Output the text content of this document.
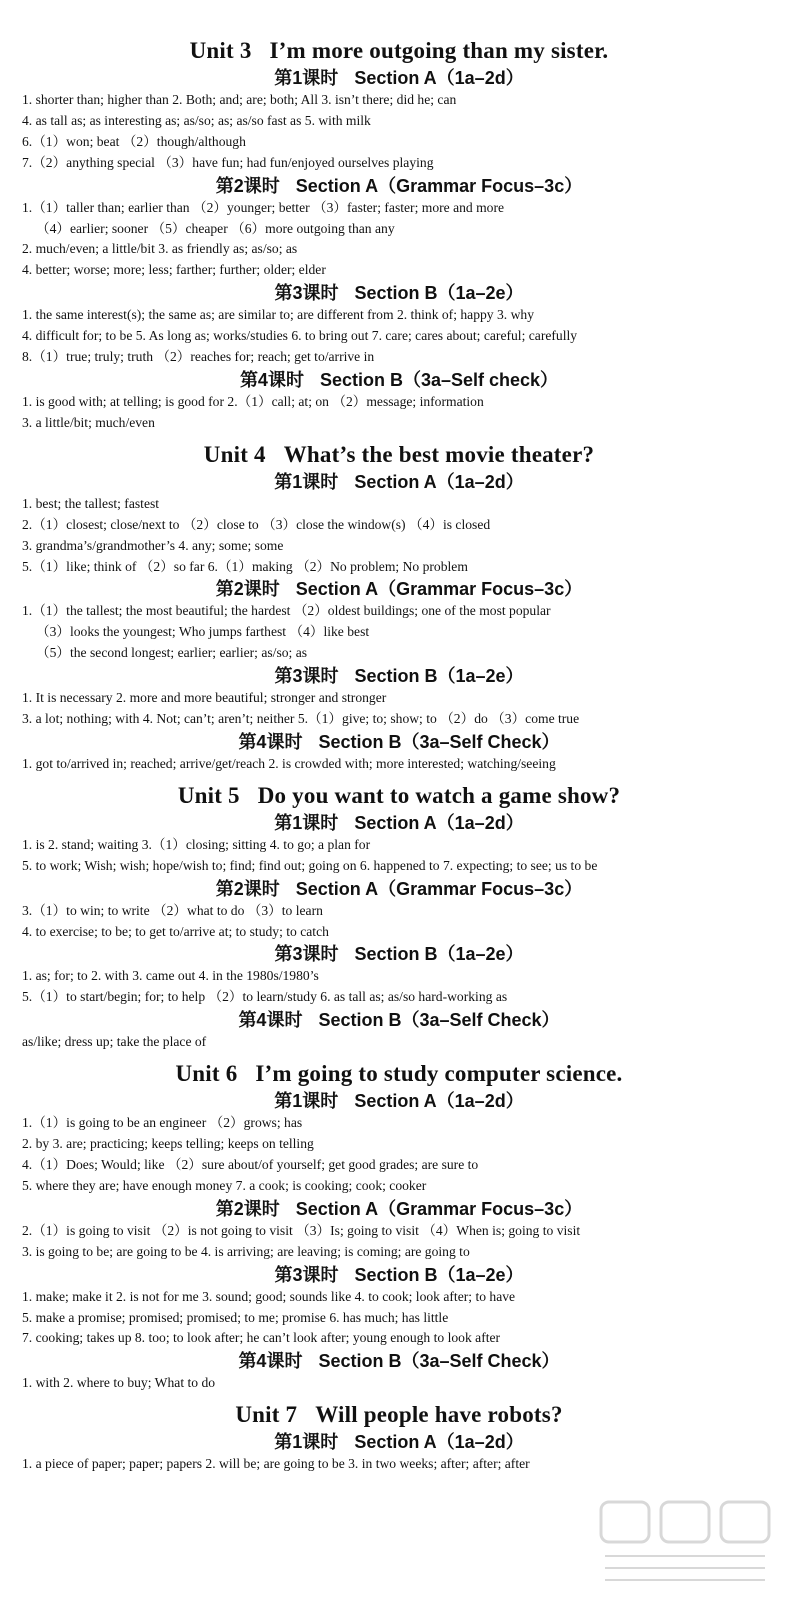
Unit 3 I’m more outgoing than my sister.
第1课时 Section A（1a–2d）
1. shorter than; higher than 2. Both; and; are; both; All 3. isn’t there; did he; can
4. as tall as; as interesting as; as/so; as; as/so fast as 5. with milk
6.（1）won; beat （2）though/although
7.（2）anything special （3）have fun; had fun/enjoyed ourselves playing
第2课时 Section A（Grammar Focus–3c）
1.（1）taller than; earlier than （2）younger; better （3）faster; faster; more and more
（4）earlier; sooner （5）cheaper （6）more outgoing than any
2. much/even; a little/bit 3. as friendly as; as/so; as
4. better; worse; more; less; farther; further; older; elder
第3课时 Section B（1a–2e）
1. the same interest(s); the same as; are similar to; are different from 2. think of; happy 3. why
4. difficult for; to be 5. As long as; works/studies 6. to bring out 7. care; cares about; careful; carefully
8.（1）true; truly; truth （2）reaches for; reach; get to/arrive in
第4课时 Section B（3a–Self check）
1. is good with; at telling; is good for 2.（1）call; at; on （2）message; information
3. a little/bit; much/even
Unit 4 What’s the best movie theater?
第1课时 Section A（1a–2d）
1. best; the tallest; fastest
2.（1）closest; close/next to （2）close to （3）close the window(s) （4）is closed
3. grandma’s/grandmother’s 4. any; some; some
5.（1）like; think of （2）so far 6.（1）making （2）No problem; No problem
第2课时 Section A（Grammar Focus–3c）
1.（1）the tallest; the most beautiful; the hardest （2）oldest buildings; one of the most popular
（3）looks the youngest; Who jumps farthest （4）like best
（5）the second longest; earlier; earlier; as/so; as
第3课时 Section B（1a–2e）
1. It is necessary 2. more and more beautiful; stronger and stronger
3. a lot; nothing; with 4. Not; can’t; aren’t; neither 5.（1）give; to; show; to （2）do （3）come true
第4课时 Section B（3a–Self Check）
1. got to/arrived in; reached; arrive/get/reach 2. is crowded with; more interested; watching/seeing
Unit 5 Do you want to watch a game show?
第1课时 Section A（1a–2d）
1. is 2. stand; waiting 3.（1）closing; sitting 4. to go; a plan for
5. to work; Wish; wish; hope/wish to; find; find out; going on 6. happened to 7. expecting; to see; us to be
第2课时 Section A（Grammar Focus–3c）
3.（1）to win; to write （2）what to do （3）to learn
4. to exercise; to be; to get to/arrive at; to study; to catch
第3课时 Section B（1a–2e）
1. as; for; to 2. with 3. came out 4. in the 1980s/1980’s
5.（1）to start/begin; for; to help （2）to learn/study 6. as tall as; as/so hard-working as
第4课时 Section B（3a–Self Check）
as/like; dress up; take the place of
Unit 6 I’m going to study computer science.
第1课时 Section A（1a–2d）
1.（1）is going to be an engineer （2）grows; has
2. by 3. are; practicing; keeps telling; keeps on telling
4.（1）Does; Would; like （2）sure about/of yourself; get good grades; are sure to
5. where they are; have enough money 7. a cook; is cooking; cook; cooker
第2课时 Section A（Grammar Focus–3c）
2.（1）is going to visit （2）is not going to visit （3）Is; going to visit （4）When is; going to visit
3. is going to be; are going to be 4. is arriving; are leaving; is coming; are going to
第3课时 Section B（1a–2e）
1. make; make it 2. is not for me 3. sound; good; sounds like 4. to cook; look after; to have
5. make a promise; promised; promised; to me; promise 6. has much; has little
7. cooking; takes up 8. too; to look after; he can’t look after; young enough to look after
第4课时 Section B（3a–Self Check）
1. with 2. where to buy; What to do
Unit 7 Will people have robots?
第1课时 Section A（1a–2d）
1. a piece of paper; paper; papers 2. will be; are going to be 3. in two weeks; after; after; after
